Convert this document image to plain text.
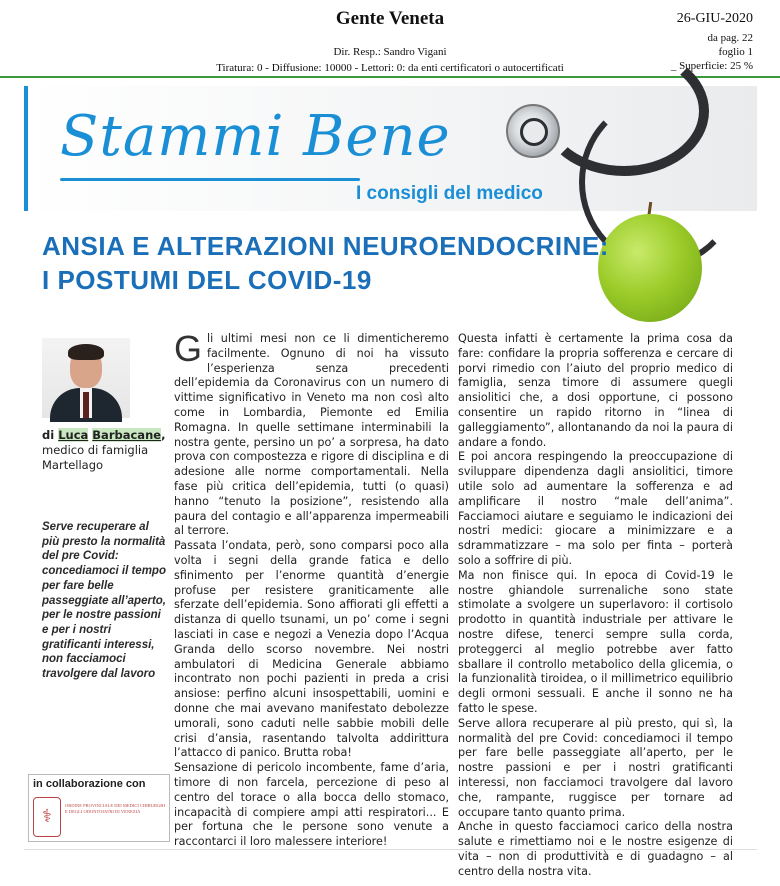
Gente Veneta	26-GIU-2020
da pag. 22
foglio 1
_ Superficie: 25 %
Dir. Resp.: Sandro Vigani
Tiratura: 0 - Diffusione: 10000 - Lettori: 0: da enti certificatori o autocertificati
Stammi Bene
I consigli del medico
ANSIA E ALTERAZIONI NEUROENDOCRINE:
I POSTUMI DEL COVID-19
di Luca Barbacane,
medico di famiglia
Martellago
Serve recuperare al più presto la normalità del pre Covid: concediamoci il tempo per fare belle passeggiate all’aperto, per le nostre passioni e per i nostri gratificanti interessi, non facciamoci travolgere dal lavoro
in collaborazione con
⚕
ORDINE PROVINCIALE DEI MEDICI CHIRURGHI E DEGLI ODONTOIATRI DI VENEZIA

Gli ultimi mesi non ce li dimenticheremo facilmente. Ognuno di noi ha vissuto l’esperienza senza precedenti dell’epidemia da Coronavirus con un numero di vittime significativo in Veneto ma non così alto come in Lombardia, Piemonte ed Emilia Romagna. In quelle settimane interminabili la nostra gente, persino un po’ a sorpresa, ha dato prova con compostezza e rigore di disciplina e di adesione alle norme comportamentali. Nella fase più critica dell’epidemia, tutti (o quasi) hanno “tenuto la posizione”, resistendo alla paura del contagio e all’apparenza impermeabili al terrore.

Passata l’ondata, però, sono comparsi poco alla volta i segni della grande fatica e dello sfinimento per l’enorme quantità d’energie profuse per resistere graniticamente alle sferzate dell’epidemia. Sono affiorati gli effetti a distanza di quello tsunami, un po’ come i segni lasciati in case e negozi a Venezia dopo l’Acqua Granda dello scorso novembre. Nei nostri ambulatori di Medicina Generale abbiamo incontrato non pochi pazienti in preda a crisi ansiose: perfino alcuni insospettabili, uomini e donne che mai avevano manifestato debolezze umorali, sono caduti nelle sabbie mobili delle crisi d’ansia, rasentando talvolta addirittura l’attacco di panico. Brutta roba!

Sensazione di pericolo incombente, fame d’aria, timore di non farcela, percezione di peso al centro del torace o alla bocca dello stomaco, incapacità di compiere ampi atti respiratori... E per fortuna che le persone sono venute a raccontarci il loro malessere interiore!

Questa infatti è certamente la prima cosa da fare: confidare la propria sofferenza e cercare di porvi rimedio con l’aiuto del proprio medico di famiglia, senza timore di assumere quegli ansiolitici che, a dosi opportune, ci possono consentire un rapido ritorno in “linea di galleggiamento”, allontanando da noi la paura di andare a fondo.

E poi ancora respingendo la preoccupazione di sviluppare dipendenza dagli ansiolitici, timore utile solo ad aumentare la sofferenza e ad amplificare il nostro “male dell’anima”. Facciamoci aiutare e seguiamo le indicazioni dei nostri medici: giocare a minimizzare e a sdrammatizzare – ma solo per finta – porterà solo a soffrire di più.

Ma non finisce qui. In epoca di Covid-19 le nostre ghiandole surrenaliche sono state stimolate a svolgere un superlavoro: il cortisolo prodotto in quantità industriale per attivare le nostre difese, tenerci sempre sulla corda, proteggerci al meglio potrebbe aver fatto sballare il controllo metabolico della glicemia, o la funzionalità tiroidea, o il millimetrico equilibrio degli ormoni sessuali. E anche il sonno ne ha fatto le spese.

Serve allora recuperare al più presto, qui sì, la normalità del pre Covid: concediamoci il tempo per fare belle passeggiate all’aperto, per le nostre passioni e per i nostri gratificanti interessi, non facciamoci travolgere dal lavoro che, rampante, ruggisce per tornare ad occupare tanto quanto prima.

Anche in questo facciamoci carico della nostra salute e rimettiamo noi e le nostre esigenze di vita – non di produttività e di guadagno – al centro della nostra vita.
